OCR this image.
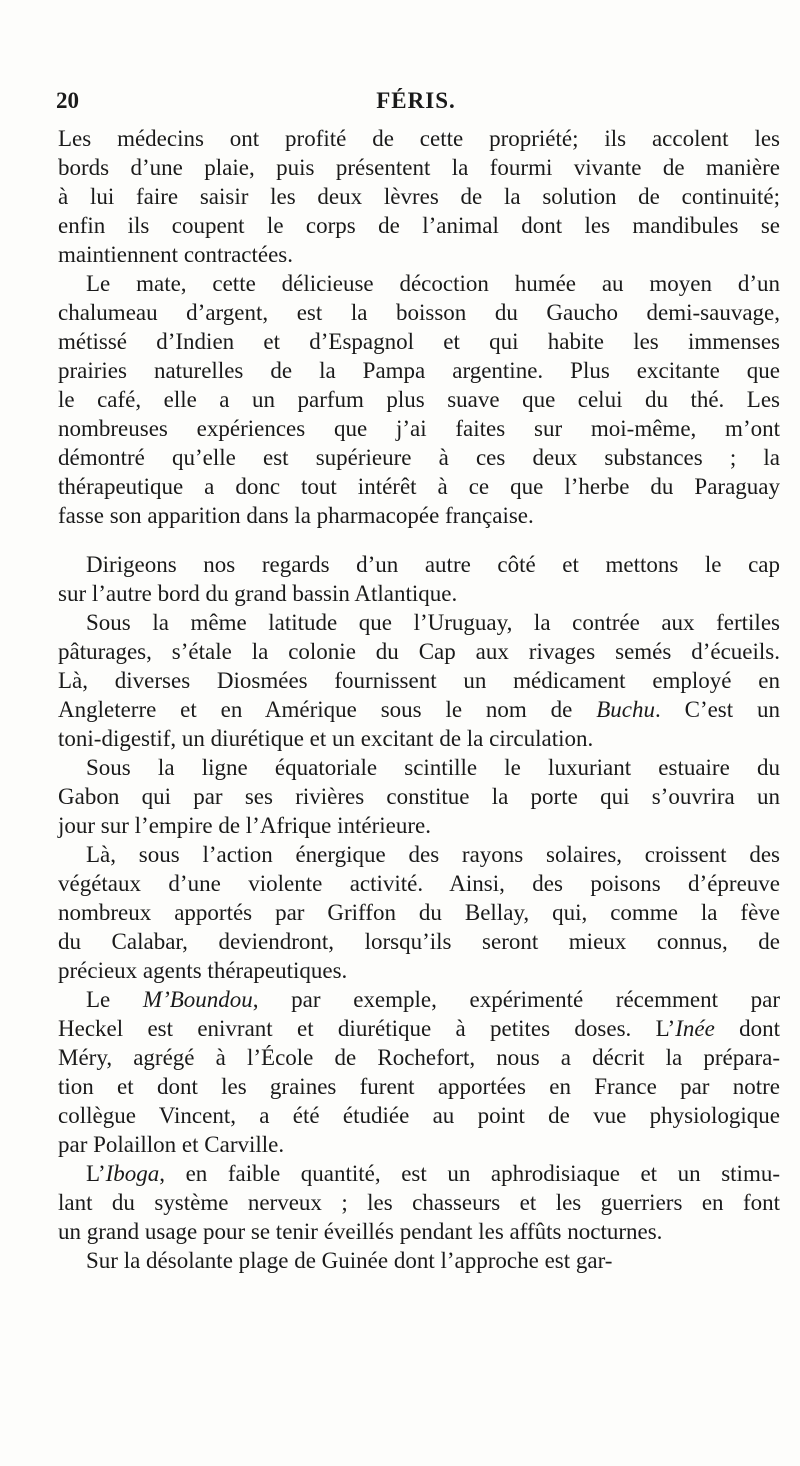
20	FÉRIS.

Les médecins ont profité de cette propriété; ils accolent les
bords d’une plaie, puis présentent la fourmi vivante de manière
à lui faire saisir les deux lèvres de la solution de continuité;
enfin ils coupent le corps de l’animal dont les mandibules se
maintiennent contractées.

Le mate, cette délicieuse décoction humée au moyen d’un
chalumeau d’argent, est la boisson du Gaucho demi-sauvage,
métissé d’Indien et d’Espagnol et qui habite les immenses
prairies naturelles de la Pampa argentine. Plus excitante que
le café, elle a un parfum plus suave que celui du thé. Les
nombreuses expériences que j’ai faites sur moi-même, m’ont
démontré qu’elle est supérieure à ces deux substances ; la
thérapeutique a donc tout intérêt à ce que l’herbe du Paraguay
fasse son apparition dans la pharmacopée française.

Dirigeons nos regards d’un autre côté et mettons le cap
sur l’autre bord du grand bassin Atlantique.

Sous la même latitude que l’Uruguay, la contrée aux fertiles
pâturages, s’étale la colonie du Cap aux rivages semés d’écueils.
Là, diverses Diosmées fournissent un médicament employé en
Angleterre et en Amérique sous le nom de Buchu. C’est un
toni-digestif, un diurétique et un excitant de la circulation.

Sous la ligne équatoriale scintille le luxuriant estuaire du
Gabon qui par ses rivières constitue la porte qui s’ouvrira un
jour sur l’empire de l’Afrique intérieure.

Là, sous l’action énergique des rayons solaires, croissent des
végétaux d’une violente activité. Ainsi, des poisons d’épreuve
nombreux apportés par Griffon du Bellay, qui, comme la fève
du Calabar, deviendront, lorsqu’ils seront mieux connus, de
précieux agents thérapeutiques.

Le M’Boundou, par exemple, expérimenté récemment par
Heckel est enivrant et diurétique à petites doses. L’Inée dont
Méry, agrégé à l’École de Rochefort, nous a décrit la prépara-
tion et dont les graines furent apportées en France par notre
collègue Vincent, a été étudiée au point de vue physiologique
par Polaillon et Carville.

L’Iboga, en faible quantité, est un aphrodisiaque et un stimu-
lant du système nerveux ; les chasseurs et les guerriers en font
un grand usage pour se tenir éveillés pendant les affûts nocturnes.

Sur la désolante plage de Guinée dont l’approche est gar-
